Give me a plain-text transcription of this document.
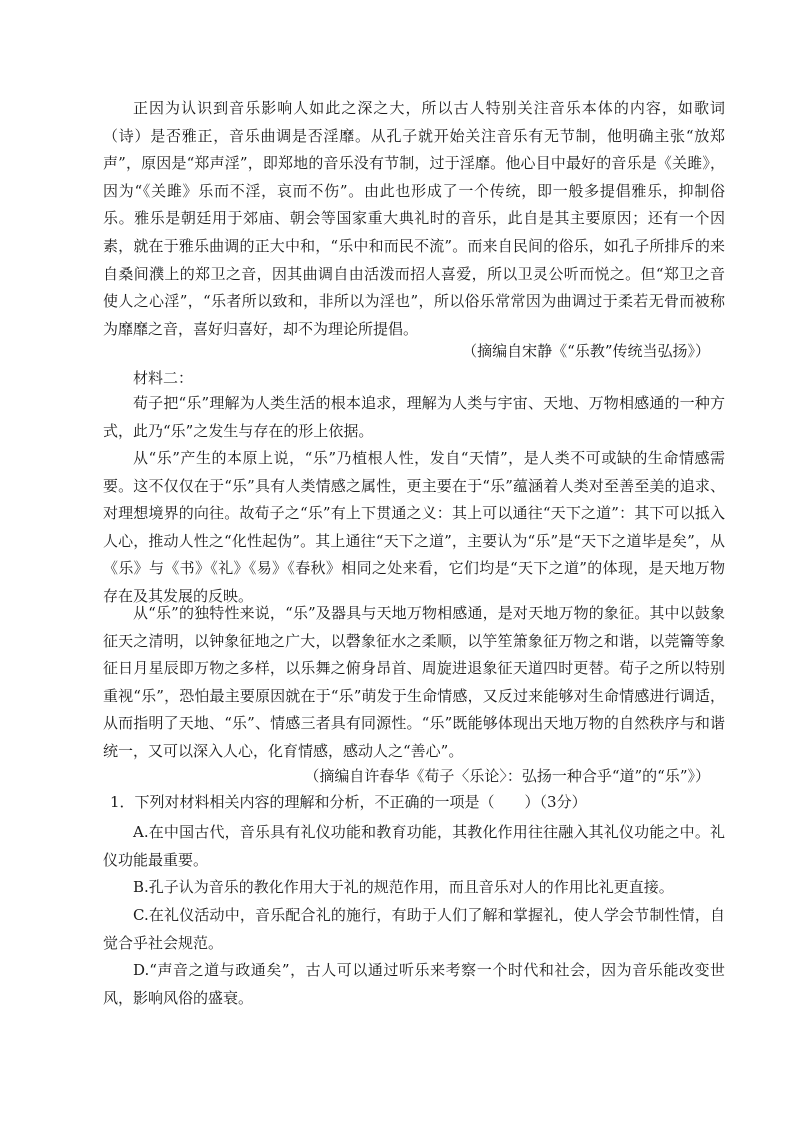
正因为认识到音乐影响人如此之深之大，所以古人特别关注音乐本体的内容，如歌词（诗）是否雅正，音乐曲调是否淫靡。从孔子就开始关注音乐有无节制，他明确主张“放郑声”，原因是“郑声淫”，即郑地的音乐没有节制，过于淫靡。他心目中最好的音乐是《关雎》，因为“《关雎》乐而不淫，哀而不伤”。由此也形成了一个传统，即一般多提倡雅乐，抑制俗乐。雅乐是朝廷用于郊庙、朝会等国家重大典礼时的音乐，此自是其主要原因；还有一个因素，就在于雅乐曲调的正大中和，“乐中和而民不流”。而来自民间的俗乐，如孔子所排斥的来自桑间濮上的郑卫之音，因其曲调自由活泼而招人喜爱，所以卫灵公听而悦之。但“郑卫之音使人之心淫”，“乐者所以致和，非所以为淫也”，所以俗乐常常因为曲调过于柔若无骨而被称为靡靡之音，喜好归喜好，却不为理论所提倡。

（摘编自宋静《“乐教”传统当弘扬》）
材料二：

荀子把“乐”理解为人类生活的根本追求，理解为人类与宇宙、天地、万物相感通的一种方式，此乃“乐”之发生与存在的形上依据。

从“乐”产生的本原上说，“乐”乃植根人性，发自“天情”，是人类不可或缺的生命情感需要。这不仅仅在于“乐”具有人类情感之属性，更主要在于“乐”蕴涵着人类对至善至美的追求、对理想境界的向往。故荀子之“乐”有上下贯通之义：其上可以通往“天下之道”：其下可以抵入人心，推动人性之“化性起伪”。其上通往“天下之道”，主要认为“乐”是“天下之道毕是矣”，从《乐》与《书》《礼》《易》《春秋》相同之处来看，它们均是“天下之道”的体现，是天地万物存在及其发展的反映。

从“乐”的独特性来说，“乐”及器具与天地万物相感通，是对天地万物的象征。其中以鼓象征天之清明，以钟象征地之广大，以磬象征水之柔顺，以竽笙箫象征万物之和谐，以莞籥等象征日月星辰即万物之多样，以乐舞之俯身昂首、周旋进退象征天道四时更替。荀子之所以特别重视“乐”，恐怕最主要原因就在于“乐”萌发于生命情感，又反过来能够对生命情感进行调适，从而指明了天地、“乐”、情感三者具有同源性。“乐”既能够体现出天地万物的自然秩序与和谐统一，又可以深入人心，化育情感，感动人之“善心”。

（摘编自许春华《荀子〈乐论〉：弘扬一种合乎“道”的“乐”》）
1．下列对材料相关内容的理解和分析，不正确的一项是（　　）（3分）

A.在中国古代，音乐具有礼仪功能和教育功能，其教化作用往往融入其礼仪功能之中。礼仪功能最重要。

B.孔子认为音乐的教化作用大于礼的规范作用，而且音乐对人的作用比礼更直接。

C.在礼仪活动中，音乐配合礼的施行，有助于人们了解和掌握礼，使人学会节制性情，自觉合乎社会规范。

D.“声音之道与政通矣”，古人可以通过听乐来考察一个时代和社会，因为音乐能改变世风，影响风俗的盛衰。
